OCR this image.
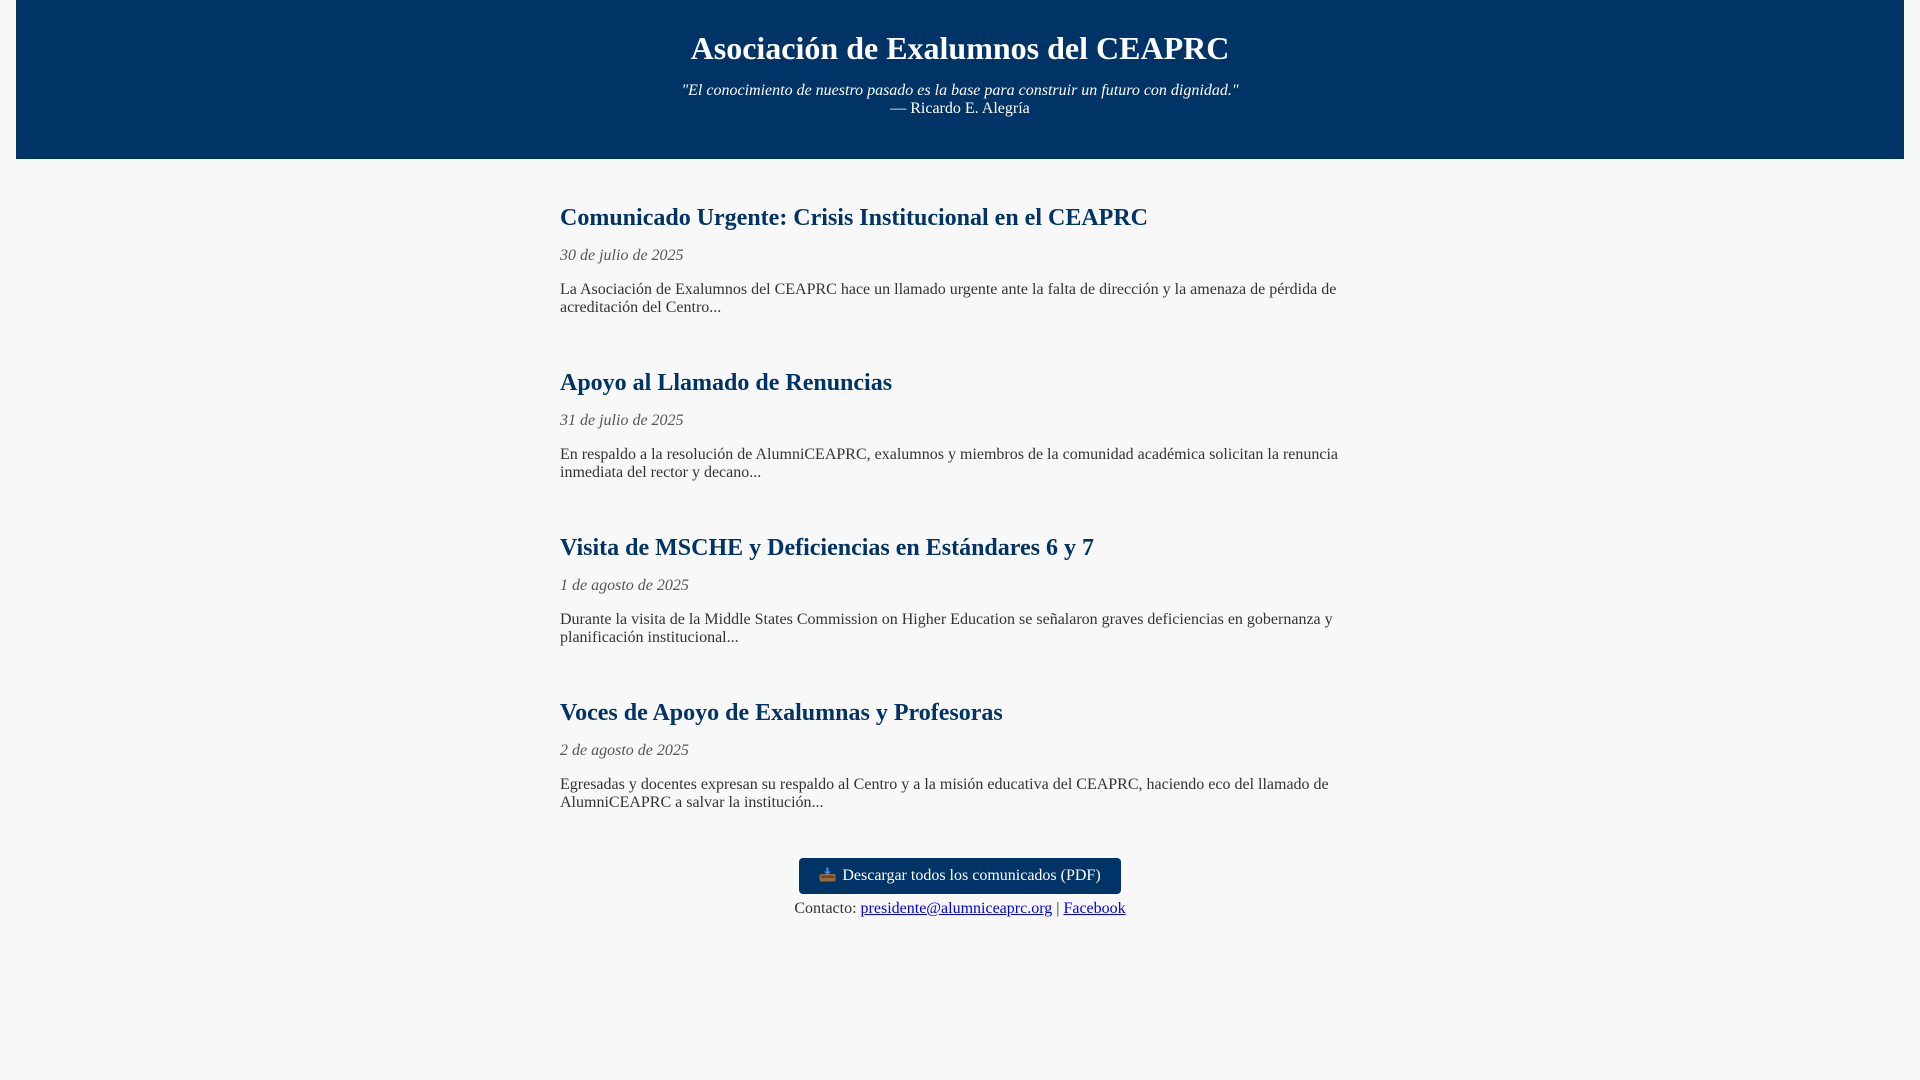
Asociación de Exalumnos del CEAPRC
"El conocimiento de nuestro pasado es la base para construir un futuro con dignidad."
— Ricardo E. Alegría
Comunicado Urgente: Crisis Institucional en el CEAPRC

30 de julio de 2025

La Asociación de Exalumnos del CEAPRC hace un llamado urgente ante la falta de dirección y la amenaza de pérdida de acreditación del Centro...

Apoyo al Llamado de Renuncias

31 de julio de 2025

En respaldo a la resolución de AlumniCEAPRC, exalumnos y miembros de la comunidad académica solicitan la renuncia inmediata del rector y decano...

Visita de MSCHE y Deficiencias en Estándares 6 y 7

1 de agosto de 2025

Durante la visita de la Middle States Commission on Higher Education se señalaron graves deficiencias en gobernanza y planificación institucional...

Voces de Apoyo de Exalumnas y Profesoras

2 de agosto de 2025

Egresadas y docentes expresan su respaldo al Centro y a la misión educativa del CEAPRC, haciendo eco del llamado de AlumniCEAPRC a salvar la institución...

Descargar todos los comunicados (PDF)
Contacto: presidente@alumniceaprc.org | Facebook
